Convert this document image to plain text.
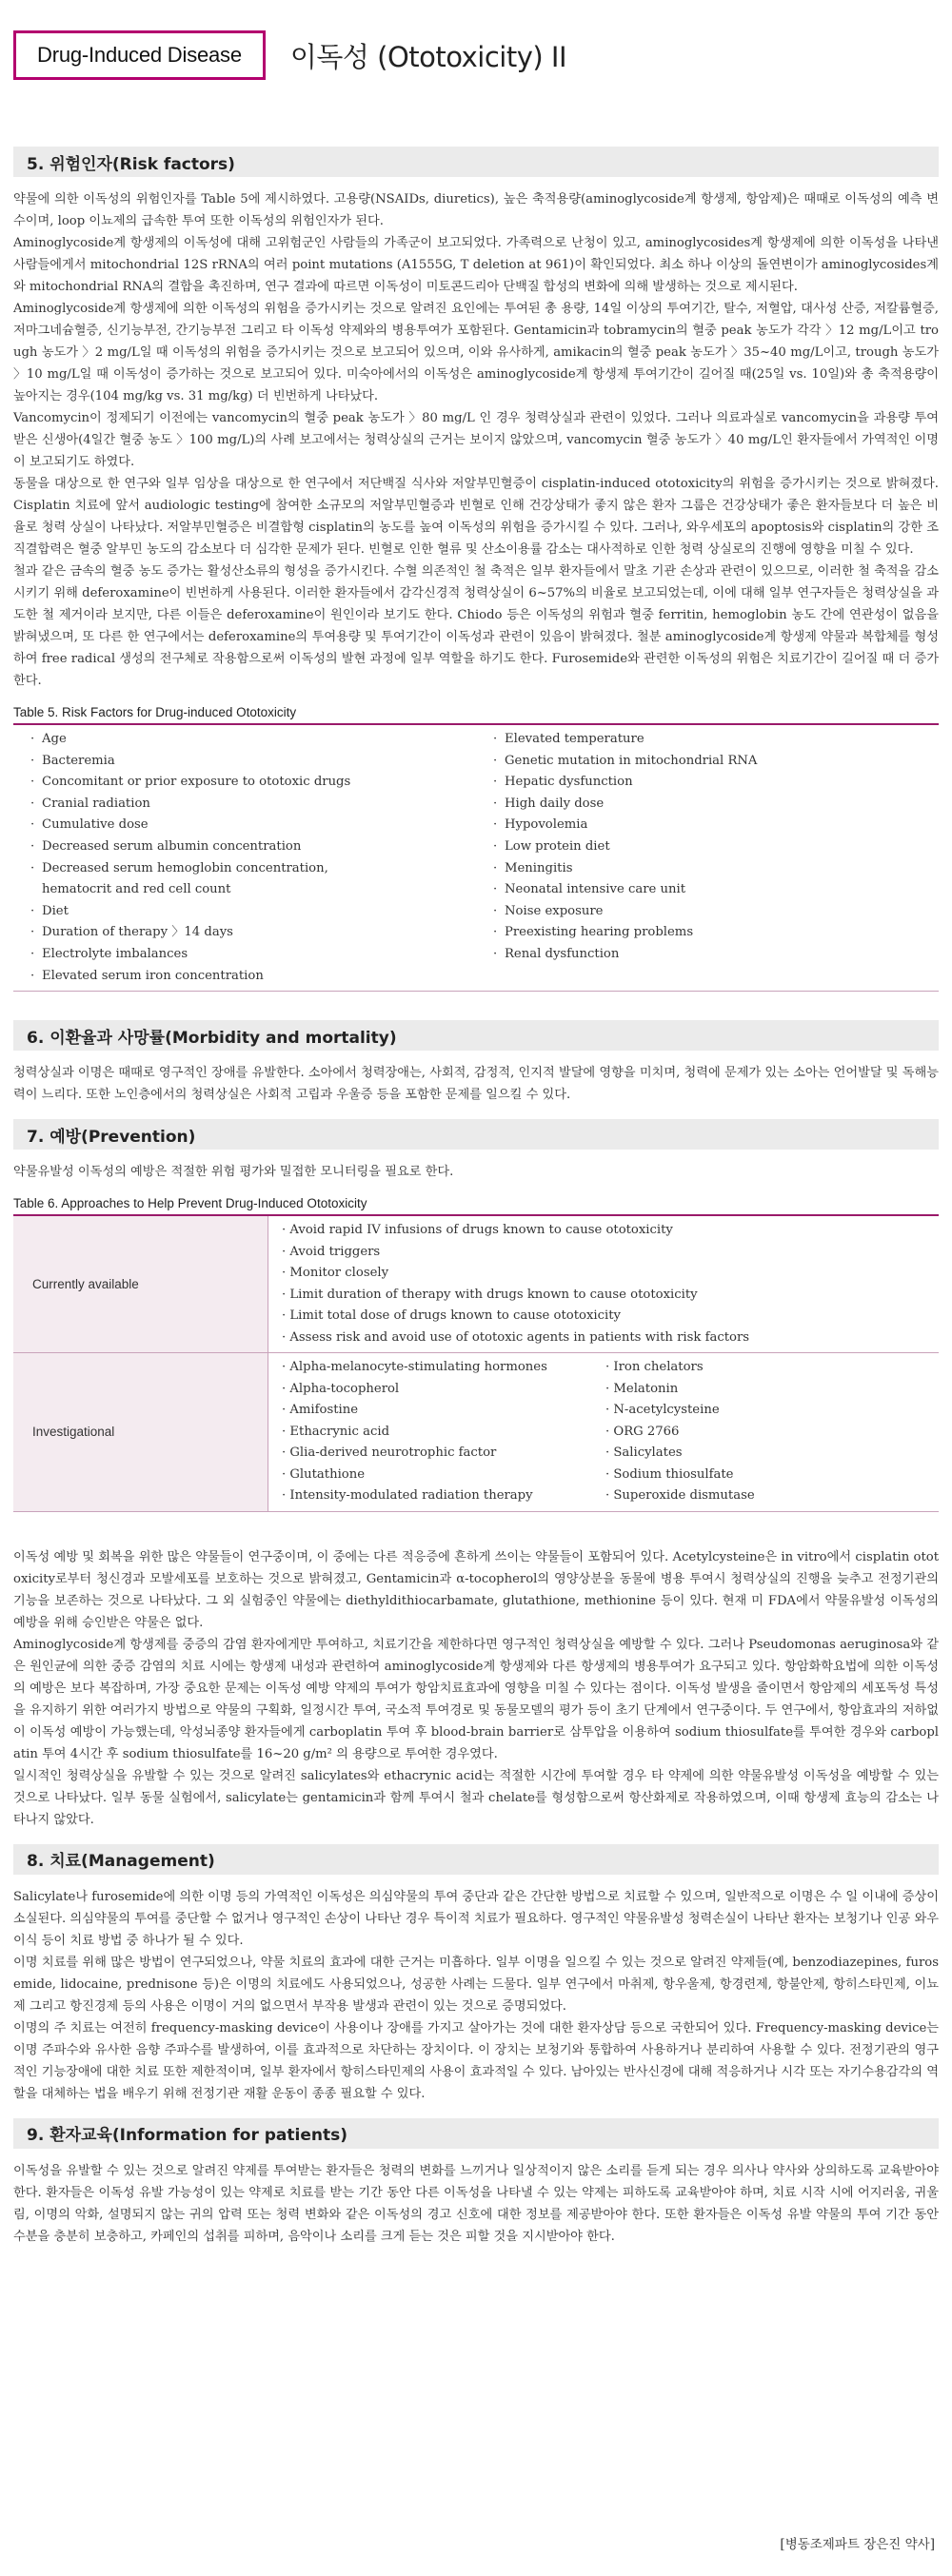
Drug-Induced Disease	이독성 (Ototoxicity) II
5. 위험인자(Risk factors)

약물에 의한 이독성의 위험인자를 Table 5에 제시하였다. 고용량(NSAIDs, diuretics), 높은 축적용량(aminoglycoside계 항생제, 항암제)은 때때로 이독성의 예측 변수이며, loop 이뇨제의 급속한 투여 또한 이독성의 위험인자가 된다.

Aminoglycoside계 항생제의 이독성에 대해 고위험군인 사람들의 가족군이 보고되었다. 가족력으로 난청이 있고, aminoglycosides계 항생제에 의한 이독성을 나타낸 사람들에게서 mitochondrial 12S rRNA의 여러 point mutations (A1555G, T deletion at 961)이 확인되었다. 최소 하나 이상의 돌연변이가 aminoglycosides계와 mitochondrial RNA의 결합을 촉진하며, 연구 결과에 따르면 이독성이 미토콘드리아 단백질 합성의 변화에 의해 발생하는 것으로 제시된다.

Aminoglycoside계 항생제에 의한 이독성의 위험을 증가시키는 것으로 알려진 요인에는 투여된 총 용량, 14일 이상의 투여기간, 탈수, 저혈압, 대사성 산증, 저칼륨혈증, 저마그네슘혈증, 신기능부전, 간기능부전 그리고 타 이독성 약제와의 병용투여가 포함된다. Gentamicin과 tobramycin의 혈중 peak 농도가 각각 〉12 mg/L이고 trough 농도가 〉2 mg/L일 때 이독성의 위험을 증가시키는 것으로 보고되어 있으며, 이와 유사하게, amikacin의 혈중 peak 농도가 〉35~40 mg/L이고, trough 농도가 〉10 mg/L일 때 이독성이 증가하는 것으로 보고되어 있다. 미숙아에서의 이독성은 aminoglycoside계 항생제 투여기간이 길어질 때(25일 vs. 10일)와 총 축적용량이 높아지는 경우(104 mg/kg vs. 31 mg/kg) 더 빈번하게 나타났다.

Vancomycin이 정제되기 이전에는 vancomycin의 혈중 peak 농도가 〉80 mg/L 인 경우 청력상실과 관련이 있었다. 그러나 의료과실로 vancomycin을 과용량 투여받은 신생아(4일간 혈중 농도 〉100 mg/L)의 사례 보고에서는 청력상실의 근거는 보이지 않았으며, vancomycin 혈중 농도가 〉40 mg/L인 환자들에서 가역적인 이명이 보고되기도 하였다.

동물을 대상으로 한 연구와 일부 임상을 대상으로 한 연구에서 저단백질 식사와 저알부민혈증이 cisplatin-induced ototoxicity의 위험을 증가시키는 것으로 밝혀졌다. Cisplatin 치료에 앞서 audiologic testing에 참여한 소규모의 저알부민혈증과 빈혈로 인해 건강상태가 좋지 않은 환자 그룹은 건강상태가 좋은 환자들보다 더 높은 비율로 청력 상실이 나타났다. 저알부민혈증은 비결합형 cisplatin의 농도를 높여 이독성의 위험을 증가시킬 수 있다. 그러나, 와우세포의 apoptosis와 cisplatin의 강한 조직결합력은 혈중 알부민 농도의 감소보다 더 심각한 문제가 된다. 빈혈로 인한 혈류 및 산소이용률 감소는 대사적하로 인한 청력 상실로의 진행에 영향을 미칠 수 있다.

철과 같은 금속의 혈중 농도 증가는 활성산소류의 형성을 증가시킨다. 수혈 의존적인 철 축적은 일부 환자들에서 말초 기관 손상과 관련이 있으므로, 이러한 철 축적을 감소시키기 위해 deferoxamine이 빈번하게 사용된다. 이러한 환자들에서 감각신경적 청력상실이 6~57%의 비율로 보고되었는데, 이에 대해 일부 연구자들은 청력상실을 과도한 철 제거이라 보지만, 다른 이들은 deferoxamine이 원인이라 보기도 한다. Chiodo 등은 이독성의 위험과 혈중 ferritin, hemoglobin 농도 간에 연관성이 없음을 밝혀냈으며, 또 다른 한 연구에서는 deferoxamine의 투여용량 및 투여기간이 이독성과 관련이 있음이 밝혀졌다. 철분 aminoglycoside계 항생제 약물과 복합체를 형성하여 free radical 생성의 전구체로 작용함으로써 이독성의 발현 과정에 일부 역할을 하기도 한다. Furosemide와 관련한 이독성의 위험은 치료기간이 길어질 때 더 증가한다.

Table 5. Risk Factors for Drug-induced Ototoxicity
· Age
· Bacteremia
· Concomitant or prior exposure to ototoxic drugs
· Cranial radiation
· Cumulative dose
· Decreased serum albumin concentration
· Decreased serum hemoglobin concentration,
hematocrit and red cell count
· Diet
· Duration of therapy 〉14 days
· Electrolyte imbalances
· Elevated serum iron concentration
· Elevated temperature
· Genetic mutation in mitochondrial RNA
· Hepatic dysfunction
· High daily dose
· Hypovolemia
· Low protein diet
· Meningitis
· Neonatal intensive care unit
· Noise exposure
· Preexisting hearing problems
· Renal dysfunction
6. 이환율과 사망률(Morbidity and mortality)

청력상실과 이명은 때때로 영구적인 장애를 유발한다. 소아에서 청력장애는, 사회적, 감정적, 인지적 발달에 영향을 미치며, 청력에 문제가 있는 소아는 언어발달 및 독해능력이 느리다. 또한 노인층에서의 청력상실은 사회적 고립과 우울증 등을 포함한 문제를 일으킬 수 있다.

7. 예방(Prevention)

약물유발성 이독성의 예방은 적절한 위험 평가와 밀접한 모니터링을 필요로 한다.

Table 6. Approaches to Help Prevent Drug-Induced Ototoxicity
Currently available
· Avoid rapid IV infusions of drugs known to cause ototoxicity
· Avoid triggers
· Monitor closely
· Limit duration of therapy with drugs known to cause ototoxicity
· Limit total dose of drugs known to cause ototoxicity
· Assess risk and avoid use of ototoxic agents in patients with risk factors
Investigational
· Alpha-melanocyte-stimulating hormones
· Alpha-tocopherol
· Amifostine
· Ethacrynic acid
· Glia-derived neurotrophic factor
· Glutathione
· Intensity-modulated radiation therapy
· Iron chelators
· Melatonin
· N-acetylcysteine
· ORG 2766
· Salicylates
· Sodium thiosulfate
· Superoxide dismutase

이독성 예방 및 회복을 위한 많은 약물들이 연구중이며, 이 중에는 다른 적응증에 흔하게 쓰이는 약물들이 포함되어 있다. Acetylcysteine은 in vitro에서 cisplatin ototoxicity로부터 청신경과 모발세포를 보호하는 것으로 밝혀졌고, Gentamicin과 α-tocopherol의 영양상분을 동물에 병용 투여시 청력상실의 진행을 늦추고 전정기관의 기능을 보존하는 것으로 나타났다. 그 외 실험중인 약물에는 diethyldithiocarbamate, glutathione, methionine 등이 있다. 현재 미 FDA에서 약물유발성 이독성의 예방을 위해 승인받은 약물은 없다.

Aminoglycoside계 항생제를 중증의 감염 환자에게만 투여하고, 치료기간을 제한하다면 영구적인 청력상실을 예방할 수 있다. 그러나 Pseudomonas aeruginosa와 같은 원인균에 의한 중증 감염의 치료 시에는 항생제 내성과 관련하여 aminoglycoside계 항생제와 다른 항생제의 병용투여가 요구되고 있다. 항암화학요법에 의한 이독성의 예방은 보다 복잡하며, 가장 중요한 문제는 이독성 예방 약제의 투여가 항암치료효과에 영향을 미칠 수 있다는 점이다. 이독성 발생을 줄이면서 항암제의 세포독성 특성을 유지하기 위한 여러가지 방법으로 약물의 구획화, 일정시간 투여, 국소적 투여경로 및 동물모델의 평가 등이 초기 단계에서 연구중이다. 두 연구에서, 항암효과의 저하없이 이독성 예방이 가능했는데, 악성뇌종양 환자들에게 carboplatin 투여 후 blood-brain barrier로 삼투압을 이용하여 sodium thiosulfate를 투여한 경우와 carboplatin 투여 4시간 후 sodium thiosulfate를 16~20 g/m² 의 용량으로 투여한 경우였다.

일시적인 청력상실을 유발할 수 있는 것으로 알려진 salicylates와 ethacrynic acid는 적절한 시간에 투여할 경우 타 약제에 의한 약물유발성 이독성을 예방할 수 있는 것으로 나타났다. 일부 동물 실험에서, salicylate는 gentamicin과 함께 투여시 철과 chelate를 형성함으로써 항산화제로 작용하였으며, 이때 항생제 효능의 감소는 나타나지 않았다.

8. 치료(Management)

Salicylate나 furosemide에 의한 이명 등의 가역적인 이독성은 의심약물의 투여 중단과 같은 간단한 방법으로 치료할 수 있으며, 일반적으로 이명은 수 일 이내에 증상이 소실된다. 의심약물의 투여를 중단할 수 없거나 영구적인 손상이 나타난 경우 특이적 치료가 필요하다. 영구적인 약물유발성 청력손실이 나타난 환자는 보청기나 인공 와우 이식 등이 치료 방법 중 하나가 될 수 있다.

이명 치료를 위해 많은 방법이 연구되었으나, 약물 치료의 효과에 대한 근거는 미흡하다. 일부 이명을 일으킬 수 있는 것으로 알려진 약제들(예, benzodiazepines, furosemide, lidocaine, prednisone 등)은 이명의 치료에도 사용되었으나, 성공한 사례는 드물다. 일부 연구에서 마취제, 항우울제, 항경련제, 항불안제, 항히스타민제, 이뇨제 그리고 항진경제 등의 사용은 이명이 거의 없으면서 부작용 발생과 관련이 있는 것으로 증명되었다.

이명의 주 치료는 여전히 frequency-masking device이 사용이나 장애를 가지고 살아가는 것에 대한 환자상담 등으로 국한되어 있다. Frequency-masking device는 이명 주파수와 유사한 음향 주파수를 발생하여, 이를 효과적으로 차단하는 장치이다. 이 장치는 보청기와 통합하여 사용하거나 분리하여 사용할 수 있다. 전정기관의 영구적인 기능장애에 대한 치료 또한 제한적이며, 일부 환자에서 항히스타민제의 사용이 효과적일 수 있다. 남아있는 반사신경에 대해 적응하거나 시각 또는 자기수용감각의 역할을 대체하는 법을 배우기 위해 전정기관 재활 운동이 종종 필요할 수 있다.

9. 환자교육(Information for patients)

이독성을 유발할 수 있는 것으로 알려진 약제를 투여받는 환자들은 청력의 변화를 느끼거나 일상적이지 않은 소리를 듣게 되는 경우 의사나 약사와 상의하도록 교육받아야 한다. 환자들은 이독성 유발 가능성이 있는 약제로 치료를 받는 기간 동안 다른 이독성을 나타낼 수 있는 약제는 피하도록 교육받아야 하며, 치료 시작 시에 어지러움, 귀울림, 이명의 악화, 설명되지 않는 귀의 압력 또는 청력 변화와 같은 이독성의 경고 신호에 대한 정보를 제공받아야 한다. 또한 환자들은 이독성 유발 약물의 투여 기간 동안 수분을 충분히 보충하고, 카페인의 섭취를 피하며, 음악이나 소리를 크게 듣는 것은 피할 것을 지시받아야 한다.

[병동조제파트 장은진 약사]
